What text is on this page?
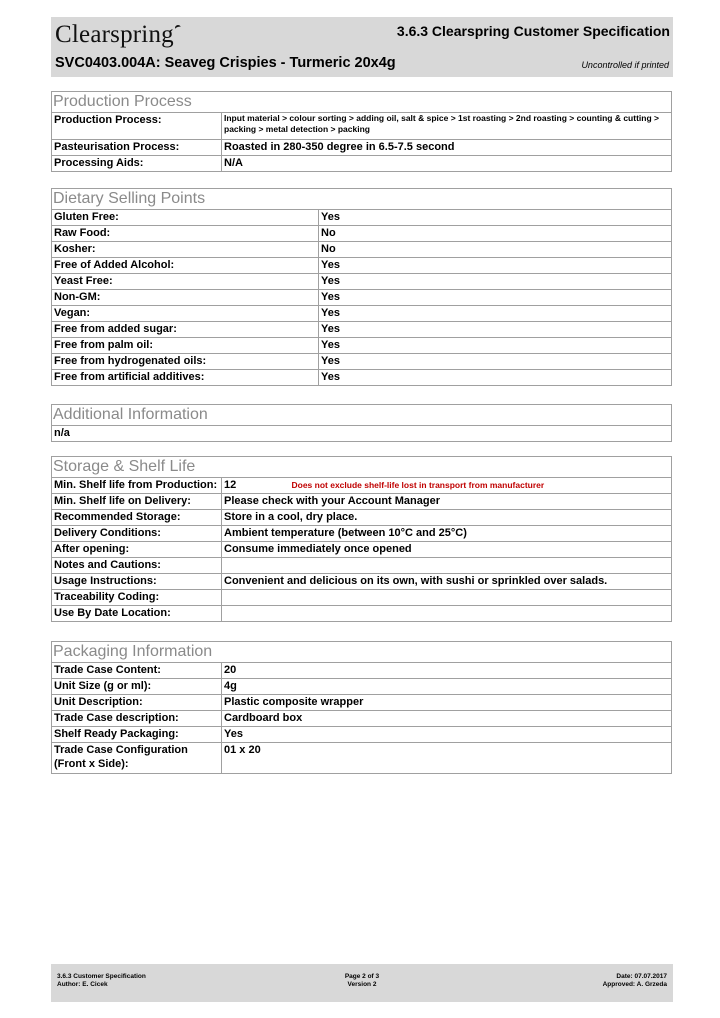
Clearspring	3.6.3 Clearspring Customer Specification
SVC0403.004A: Seaveg Crispies - Turmeric 20x4g	Uncontrolled if printed
Production Process	
Production Process:	Input material > colour sorting > adding oil, salt & spice > 1st roasting > 2nd roasting > counting & cutting > packing > metal detection > packing
Pasteurisation Process:	Roasted in 280-350 degree in 6.5-7.5 second
Processing Aids:	N/A
Dietary Selling Points	
Gluten Free:	Yes
Raw Food:	No
Kosher:	No
Free of Added Alcohol:	Yes
Yeast Free:	Yes
Non-GM:	Yes
Vegan:	Yes
Free from added sugar:	Yes
Free from palm oil:	Yes
Free from hydrogenated oils:	Yes
Free from artificial additives:	Yes
Additional Information
n/a
Storage & Shelf Life		
Min. Shelf life from Production:	12	Does not exclude shelf-life lost in transport from manufacturer
Min. Shelf life on Delivery:	Please check with your Account Manager	
Recommended Storage:	Store in a cool, dry place.	
Delivery Conditions:	Ambient temperature (between 10°C and 25°C)	
After opening:	Consume immediately once opened	
Notes and Cautions:		
Usage Instructions:	Convenient and delicious on its own, with sushi or sprinkled over salads.	
Traceability Coding:		
Use By Date Location:		
Packaging Information	
Trade Case Content:	20
Unit Size (g or ml):	4g
Unit Description:	Plastic composite wrapper
Trade Case description:	Cardboard box
Shelf Ready Packaging:	Yes

Trade Case Configuration
(Front x Side):	01 x 20
3.6.3 Customer Specification
Author: E. Cicek
Page 2 of 3
Version 2
Date: 07.07.2017
Approved: A. Grzeda
